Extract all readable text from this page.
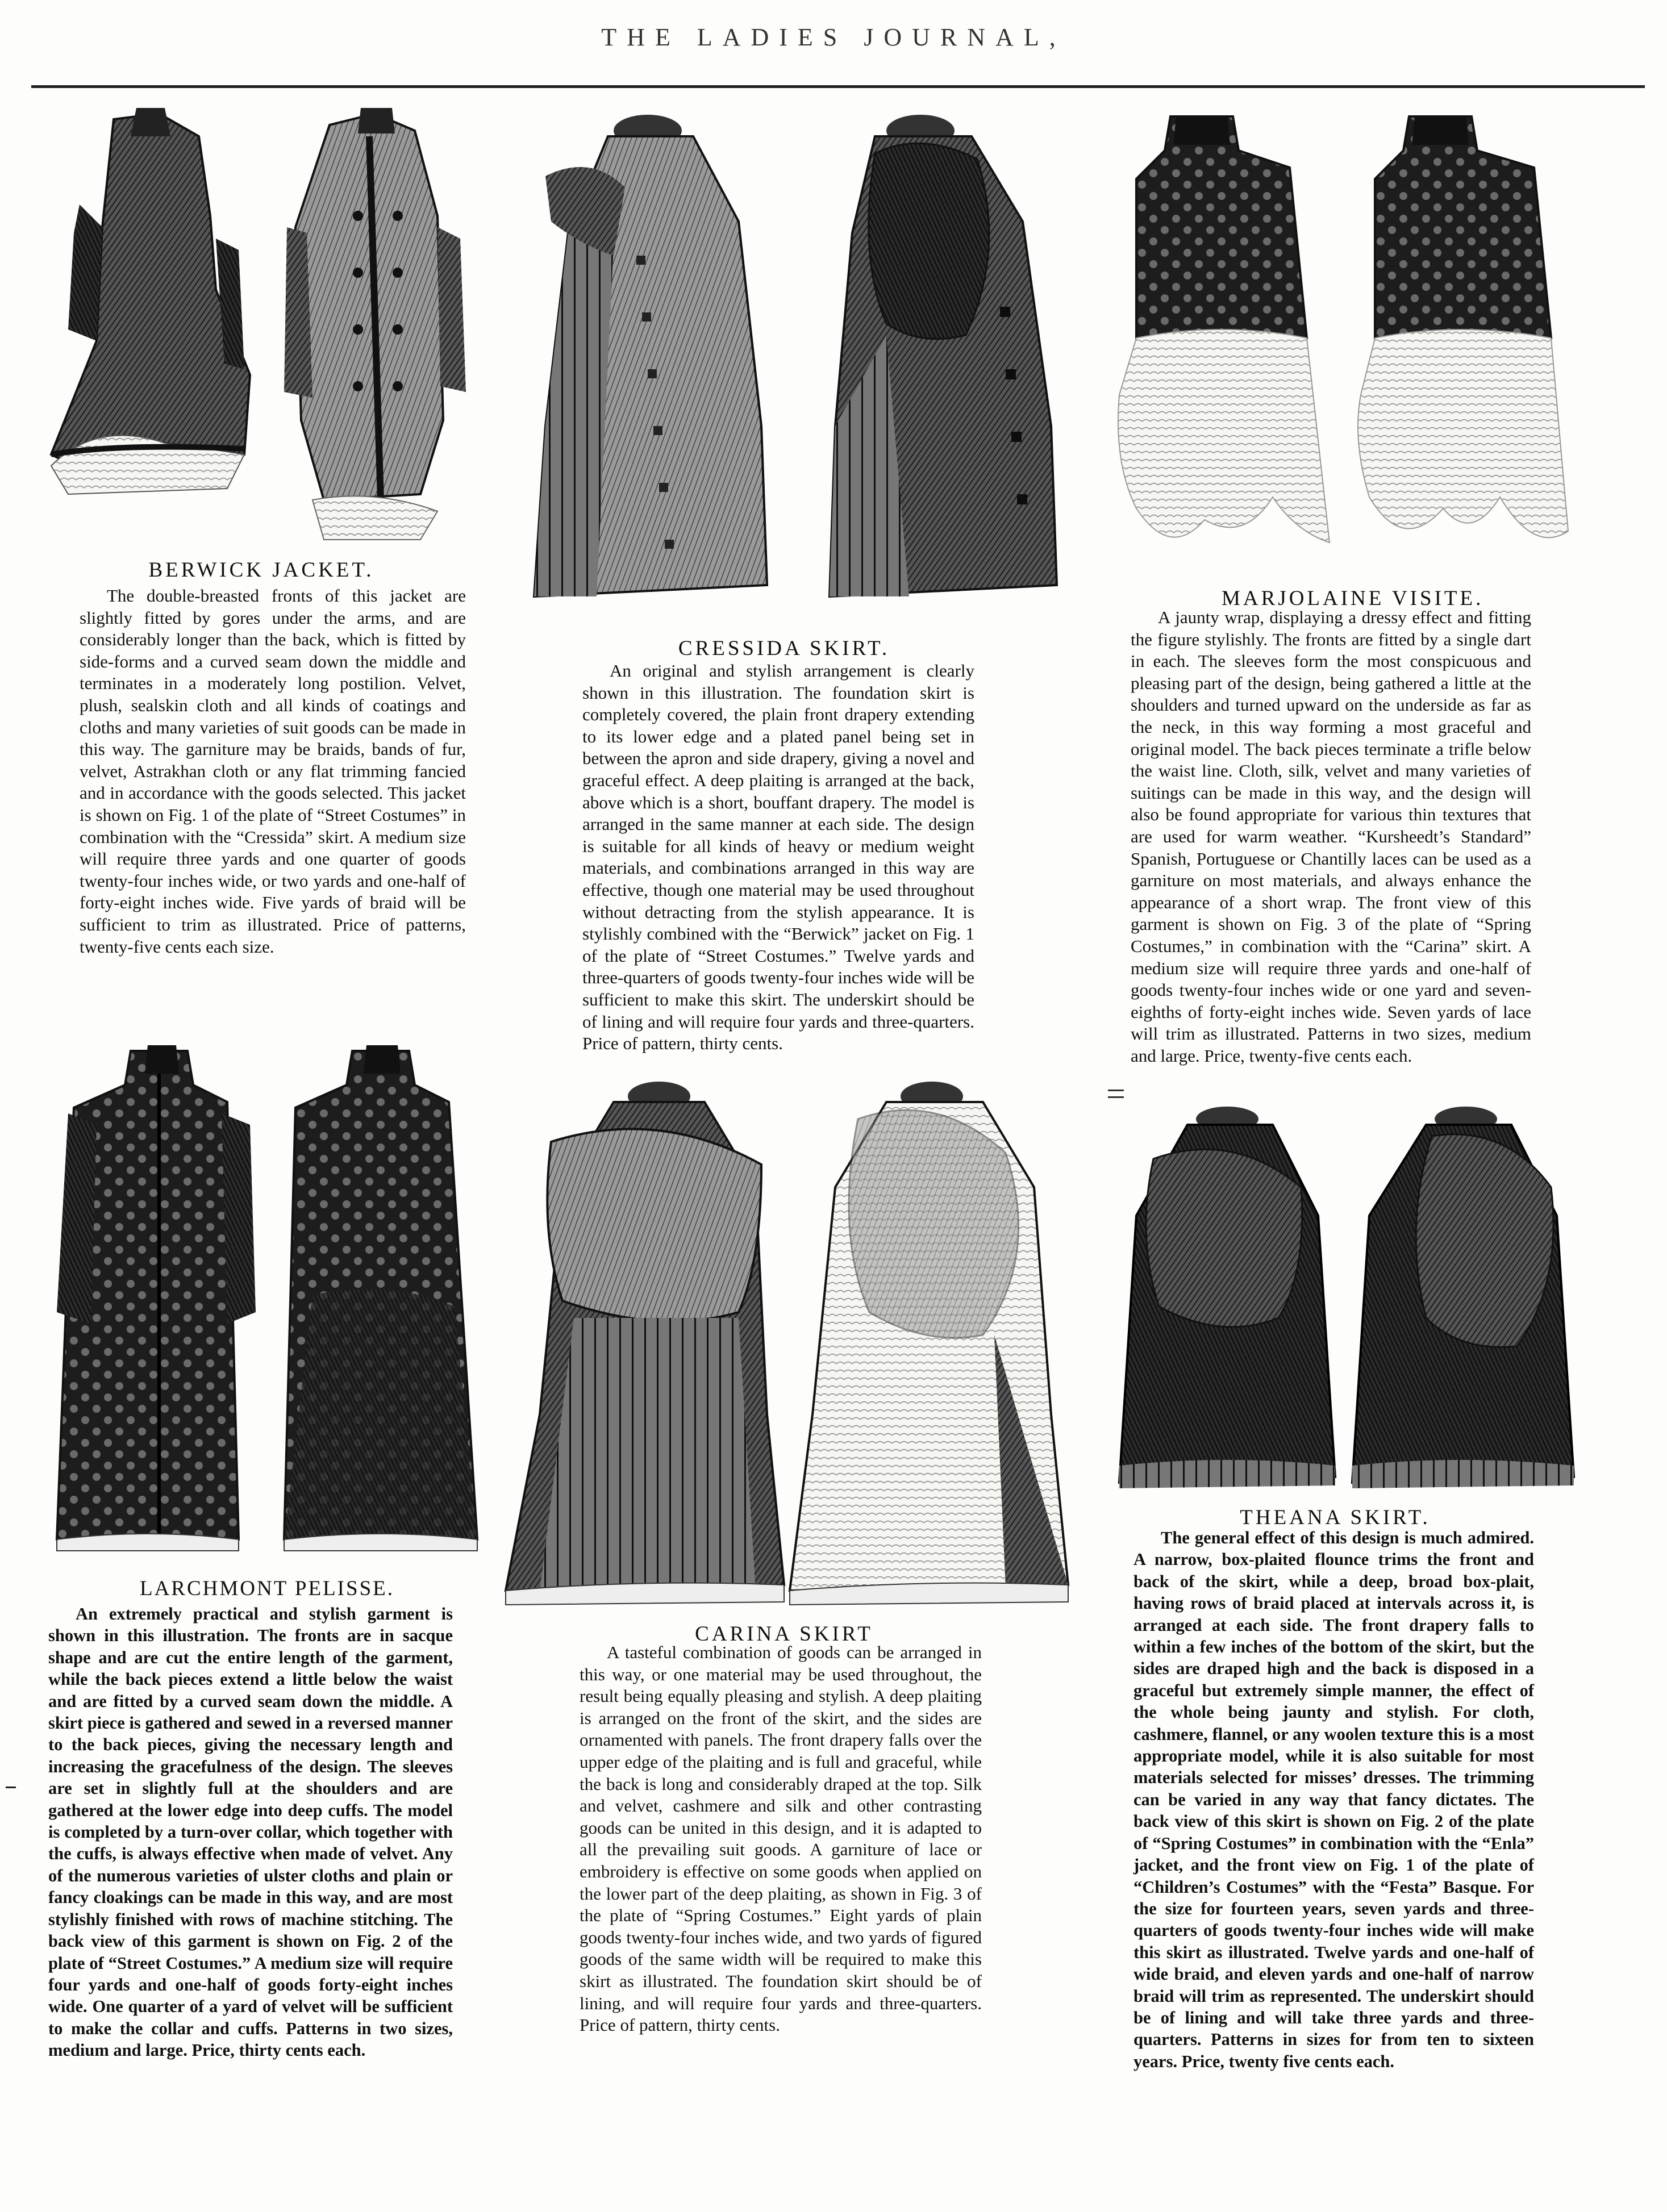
THE LADIES JOURNAL,
BERWICK JACKET.

The double-breasted fronts of this jacket are slightly fitted by gores under the arms, and are considerably longer than the back, which is fitted by side-forms and a curved seam down the middle and terminates in a moderately long postilion. Velvet, plush, sealskin cloth and all kinds of coatings and cloths and many varieties of suit goods can be made in this way. The garniture may be braids, bands of fur, velvet, Astrakhan cloth or any flat trimming fancied and in accordance with the goods selected. This jacket is shown on Fig. 1 of the plate of “Street Costumes” in combination with the “Cressida” skirt. A medium size will require three yards and one quarter of goods twenty-four inches wide, or two yards and one-half of forty-eight inches wide. Five yards of braid will be sufficient to trim as illustrated. Price of patterns, twenty-five cents each size.

CRESSIDA SKIRT.

An original and stylish arrangement is clearly shown in this illustration. The foundation skirt is completely covered, the plain front drapery extending to its lower edge and a plated panel being set in between the apron and side drapery, giving a novel and graceful effect. A deep plaiting is arranged at the back, above which is a short, bouffant drapery. The model is arranged in the same manner at each side. The design is suitable for all kinds of heavy or medium weight materials, and combinations arranged in this way are effective, though one material may be used throughout without detracting from the stylish appearance. It is stylishly combined with the “Berwick” jacket on Fig. 1 of the plate of “Street Costumes.” Twelve yards and three-quarters of goods twenty-four inches wide will be sufficient to make this skirt. The underskirt should be of lining and will require four yards and three-quarters. Price of pattern, thirty cents.

MARJOLAINE VISITE.

A jaunty wrap, displaying a dressy effect and fitting the figure stylishly. The fronts are fitted by a single dart in each. The sleeves form the most conspicuous and pleasing part of the design, being gathered a little at the shoulders and turned upward on the underside as far as the neck, in this way forming a most graceful and original model. The back pieces terminate a trifle below the waist line. Cloth, silk, velvet and many varieties of suitings can be made in this way, and the design will also be found appropriate for various thin textures that are used for warm weather. “Kursheedt’s Standard” Spanish, Portuguese or Chantilly laces can be used as a garniture on most materials, and always enhance the appearance of a short wrap. The front view of this garment is shown on Fig. 3 of the plate of “Spring Costumes,” in combination with the “Carina” skirt. A medium size will require three yards and one-half of goods twenty-four inches wide or one yard and seven-eighths of forty-eight inches wide. Seven yards of lace will trim as illustrated. Patterns in two sizes, medium and large. Price, twenty-five cents each.

LARCHMONT PELISSE.

An extremely practical and stylish garment is shown in this illustration. The fronts are in sacque shape and are cut the entire length of the garment, while the back pieces extend a little below the waist and are fitted by a curved seam down the middle. A skirt piece is gathered and sewed in a reversed manner to the back pieces, giving the necessary length and increasing the gracefulness of the design. The sleeves are set in slightly full at the shoulders and are gathered at the lower edge into deep cuffs. The model is completed by a turn-over collar, which together with the cuffs, is always effective when made of velvet. Any of the numerous varieties of ulster cloths and plain or fancy cloakings can be made in this way, and are most stylishly finished with rows of machine stitching. The back view of this garment is shown on Fig. 2 of the plate of “Street Costumes.” A medium size will require four yards and one-half of goods forty-eight inches wide. One quarter of a yard of velvet will be sufficient to make the collar and cuffs. Patterns in two sizes, medium and large. Price, thirty cents each.

CARINA SKIRT

A tasteful combination of goods can be arranged in this way, or one material may be used throughout, the result being equally pleasing and stylish. A deep plaiting is arranged on the front of the skirt, and the sides are ornamented with panels. The front drapery falls over the upper edge of the plaiting and is full and graceful, while the back is long and considerably draped at the top. Silk and velvet, cashmere and silk and other contrasting goods can be united in this design, and it is adapted to all the prevailing suit goods. A garniture of lace or embroidery is effective on some goods when applied on the lower part of the deep plaiting, as shown in Fig. 3 of the plate of “Spring Costumes.” Eight yards of plain goods twenty-four inches wide, and two yards of figured goods of the same width will be required to make this skirt as illustrated. The foundation skirt should be of lining, and will require four yards and three-quarters. Price of pattern, thirty cents.

THEANA SKIRT.

The general effect of this design is much admired. A narrow, box-plaited flounce trims the front and back of the skirt, while a deep, broad box-plait, having rows of braid placed at intervals across it, is arranged at each side. The front drapery falls to within a few inches of the bottom of the skirt, but the sides are draped high and the back is disposed in a graceful but extremely simple manner, the effect of the whole being jaunty and stylish. For cloth, cashmere, flannel, or any woolen texture this is a most appropriate model, while it is also suitable for most materials selected for misses’ dresses. The trimming can be varied in any way that fancy dictates. The back view of this skirt is shown on Fig. 2 of the plate of “Spring Costumes” in combination with the “Enla” jacket, and the front view on Fig. 1 of the plate of “Children’s Costumes” with the “Festa” Basque. For the size for fourteen years, seven yards and three-quarters of goods twenty-four inches wide will make this skirt as illustrated. Twelve yards and one-half of wide braid, and eleven yards and one-half of narrow braid will trim as represented. The underskirt should be of lining and will take three yards and three-quarters. Patterns in sizes for from ten to sixteen years. Price, twenty five cents each.
